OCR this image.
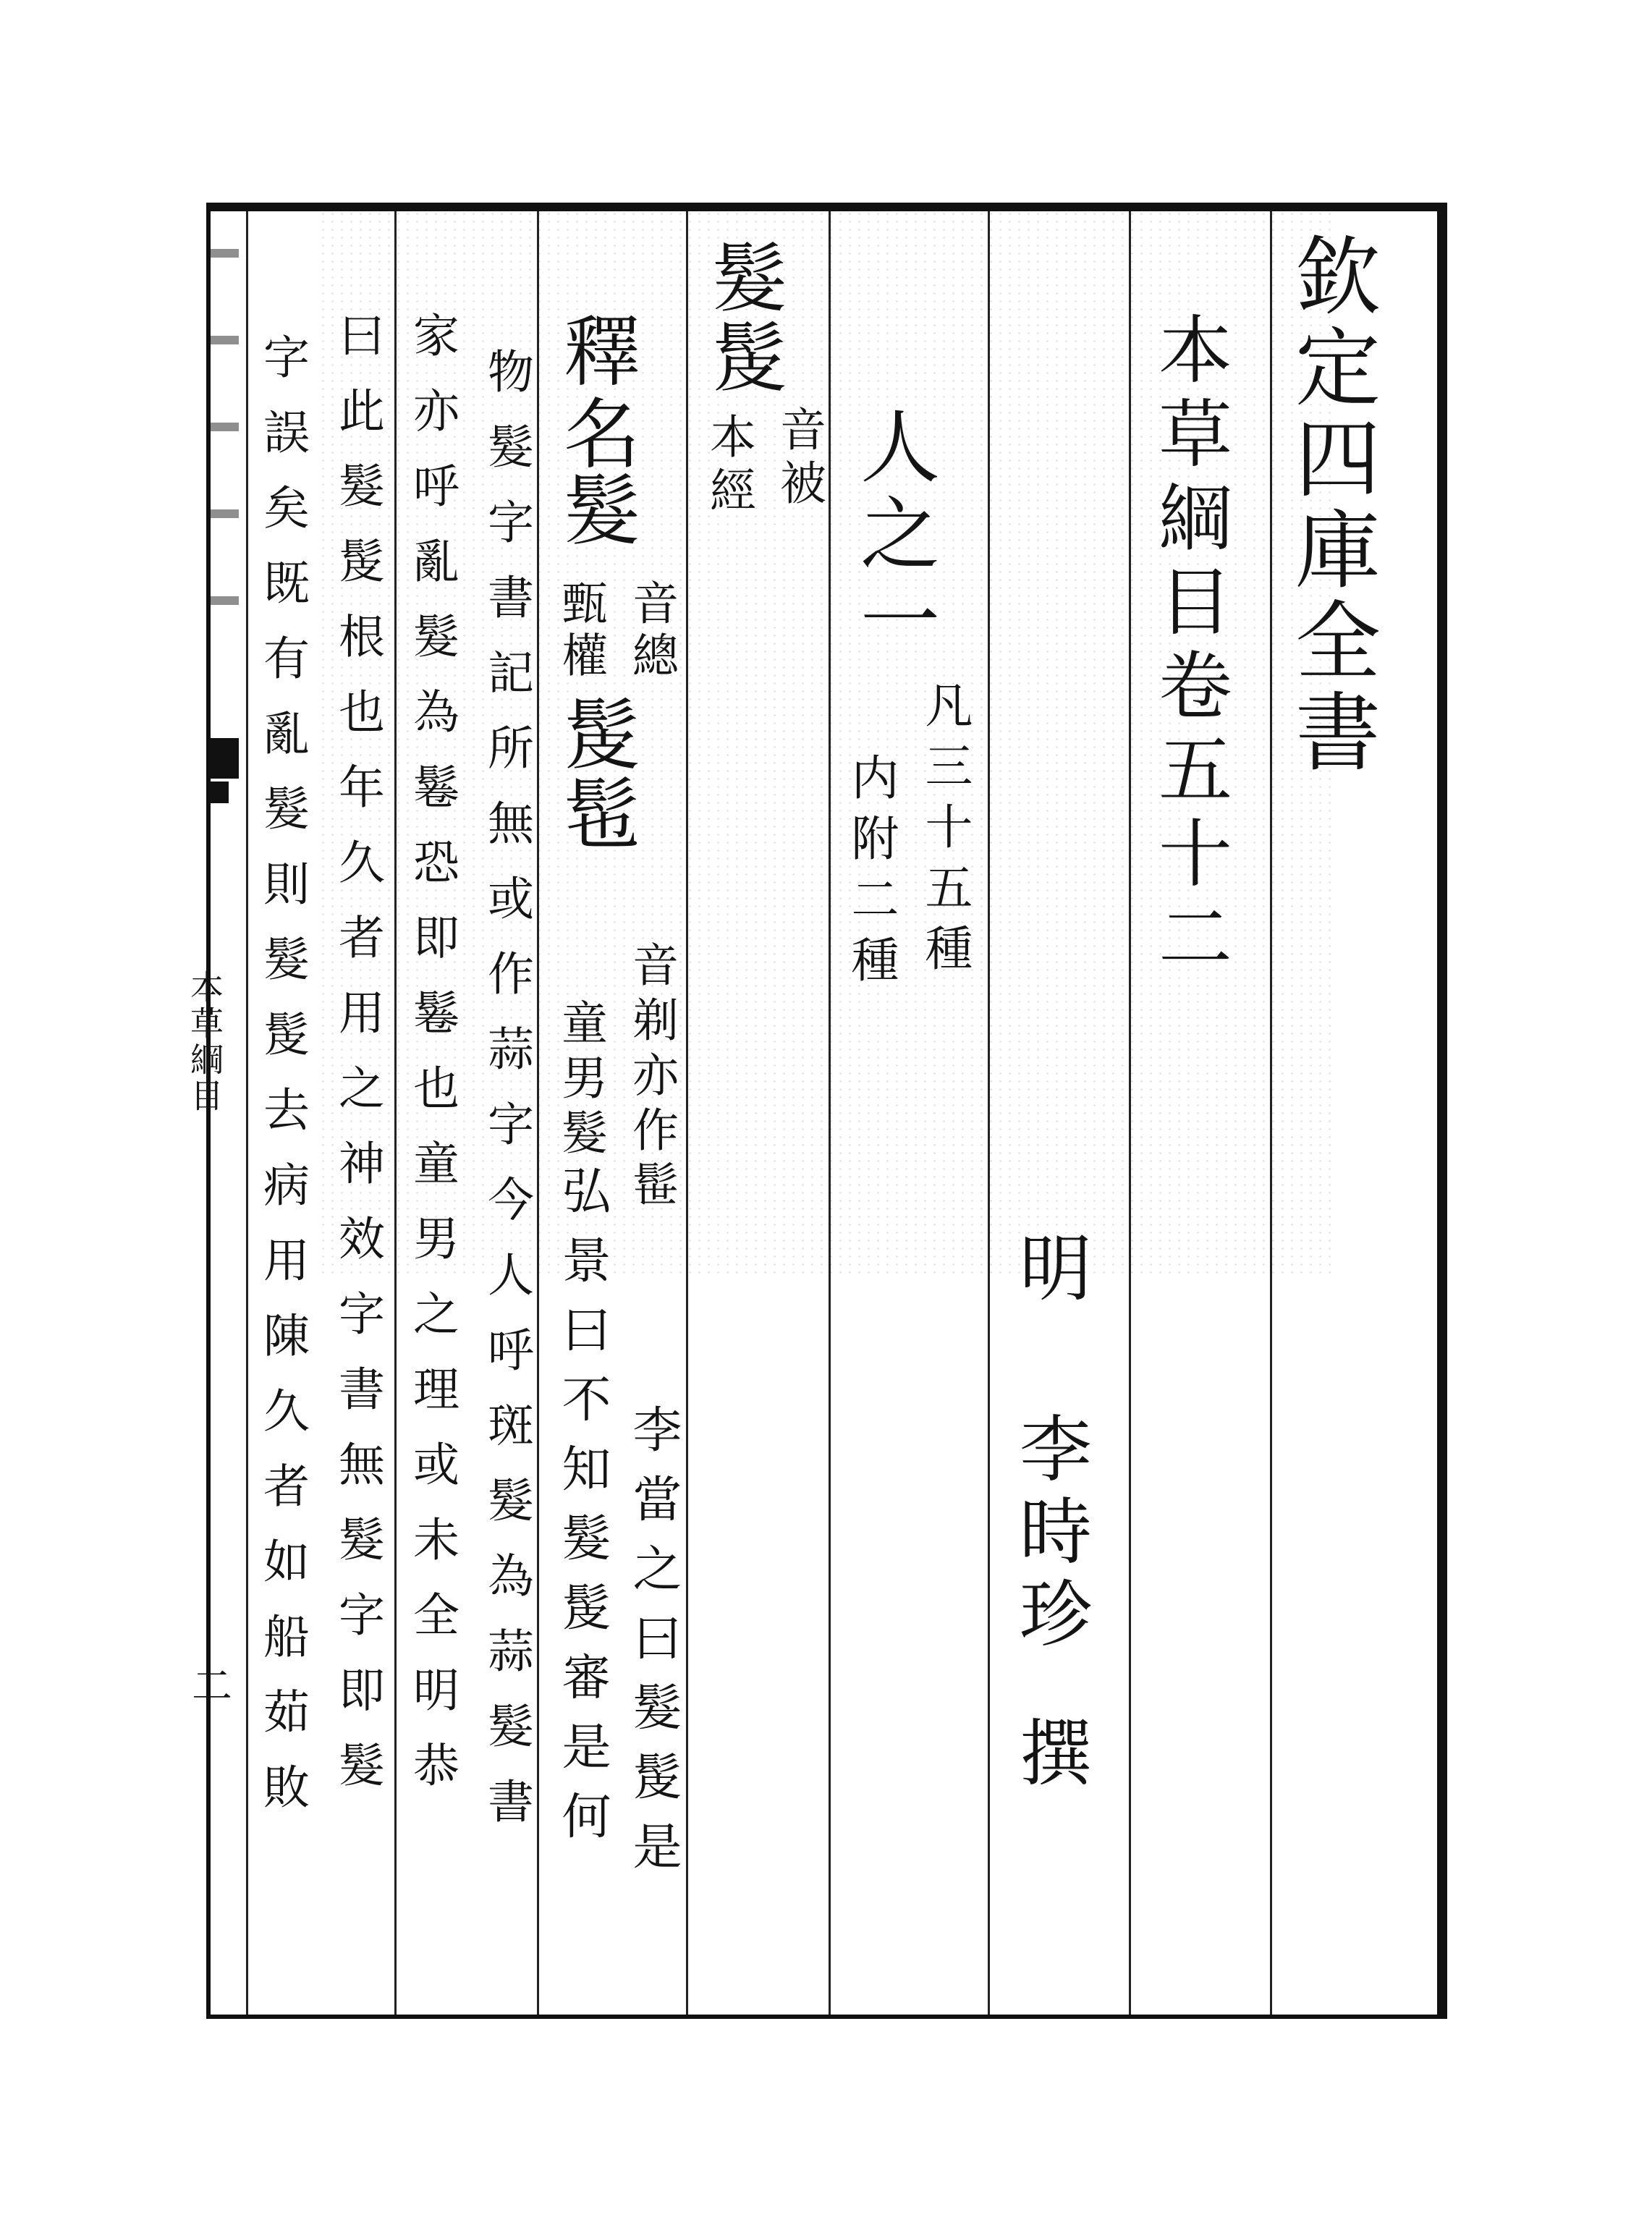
欽定四庫全書
本草綱目卷五十二
明
李時珍
撰
人之一
凡三十五種
内附二種
髮髲
音被
本經
釋名
髮
音總
甄權
髲髢
音剃亦作髰
童男髮
弘景曰不知髮髲審是何 李當之曰髮髲是
物髮字書記所無或作蒜字今人呼斑髮為蒜髮書
家亦呼亂髮為鬈恐即鬈也童男之理或未全明恭
曰此髮髲根也年久者用之神效字書無髮字即髮
字誤矣既有亂髮則髮髲去病用陳久者如船茹敗
本草綱目
二
